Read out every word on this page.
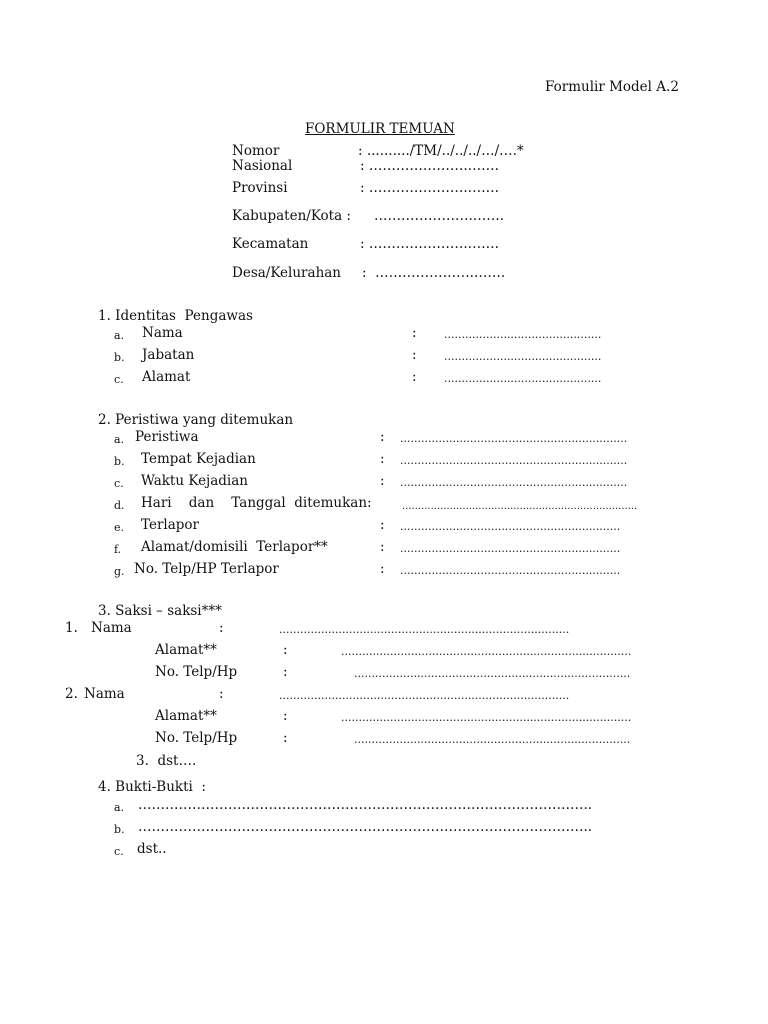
Formulir Model A.2
FORMULIR TEMUAN
Nomor	: ........../TM/../../../…/….*
Nasional	: ………………….…….
Provinsi	: ………………….…….
Kabupaten/Kota : ………………….…….
Kecamatan	: ………………….…….
Desa/Kelurahan :  ………………….…….
1. Identitas  Pengawas
a. Nama	: .............................................
b. Jabatan	: .............................................
c. Alamat	: .............................................
2. Peristiwa yang ditemukan
a. Peristiwa	: .................................................................
b. Tempat Kejadian	: .................................................................
c. Waktu Kejadian	: .................................................................
d. Hari    dan    Tanggal  ditemukan:	..........................................................................
e. Terlapor	: ...............................................................
f. Alamat/domisili  Terlapor**	: ...............................................................
g. No. Telp/HP Terlapor	: ...............................................................
3. Saksi – saksi***
1. Nama	:	...................................................................................
Alamat**	:	...................................................................................
No. Telp/Hp	:	...............................................................................
2. Nama	:	...................................................................................
Alamat**	:	...................................................................................
No. Telp/Hp	:	...............................................................................
3.  dst….
4. Bukti-Bukti  :
a. ………………………………………………………………………………………..
b. ………………………………………………………………………………………..
c. dst..
